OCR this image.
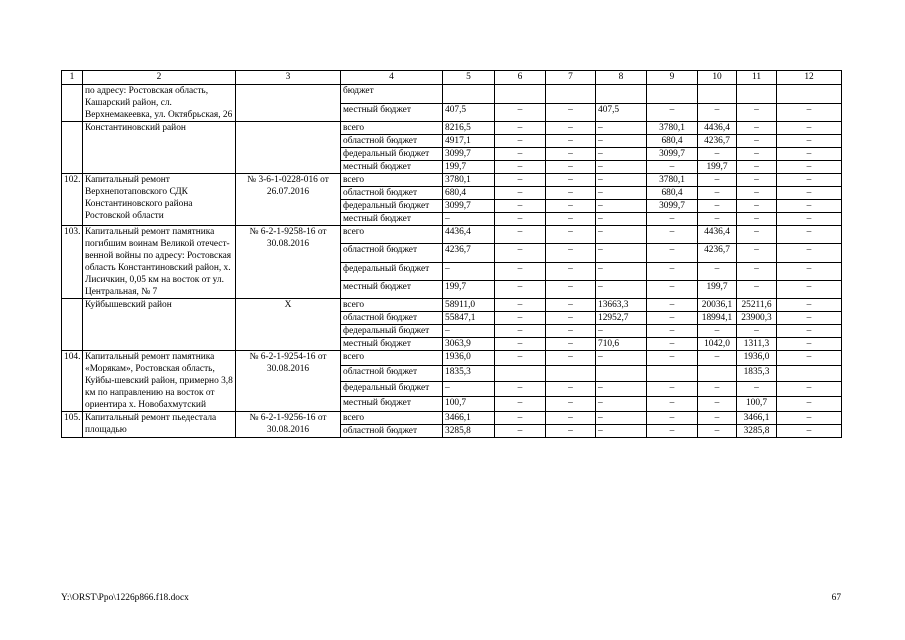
1	2	3	4	5	6	7	8	9	10	11	12
	по адресу: Ростовская область, Кашарский район, сл. Верхнемакеевка, ул. Октябрьская, 26		бюджет								
			местный бюджет	407,5	–	–	407,5	–	–	–	–
	Константиновский район		всего	8216,5	–	–	–	3780,1	4436,4	–	–
			областной бюджет	4917,1	–	–	–	680,4	4236,7	–	–
			федеральный бюджет	3099,7	–	–	–	3099,7	–	–	–
			местный бюджет	199,7	–	–	–	–	199,7	–	–
102.	Капитальный ремонт Верхнепотаповского СДК Константиновского района Ростовской области	№ 3-6-1-0228-016 от 26.07.2016	всего	3780,1	–	–	–	3780,1	–	–	–
			областной бюджет	680,4	–	–	–	680,4	–	–	–
			федеральный бюджет	3099,7	–	–	–	3099,7	–	–	–
			местный бюджет	–	–	–	–	–	–	–	–
103.	Капитальный ремонт памятника погибшим воинам Великой отечест-венной войны по адресу: Ростовская область Константиновский район, х. Лисичкин, 0,05 км на восток от ул. Центральная, № 7	№ 6-2-1-9258-16 от 30.08.2016	всего	4436,4	–	–	–	–	4436,4	–	–
			областной бюджет	4236,7	–	–	–	–	4236,7	–	–
			федеральный бюджет	–	–	–	–	–	–	–	–
			местный бюджет	199,7	–	–	–	–	199,7	–	–
	Куйбышевский район	Х	всего	58911,0	–	–	13663,3	–	20036,1	25211,6	–
			областной бюджет	55847,1	–	–	12952,7	–	18994,1	23900,3	–
			федеральный бюджет	–	–	–	–	–	–	–	–
			местный бюджет	3063,9	–	–	710,6	–	1042,0	1311,3	–
104.	Капитальный ремонт памятника «Морякам», Ростовская область, Куйбы-шевский район, примерно 3,8 км по направлению на восток от ориентира х. Новобахмутский	№ 6-2-1-9254-16 от 30.08.2016	всего	1936,0	–	–	–	–	–	1936,0	–
			областной бюджет	1835,3						1835,3	
			федеральный бюджет	–	–	–	–	–	–	–	–
			местный бюджет	100,7	–	–	–	–	–	100,7	–
105.	Капитальный ремонт пьедестала площадью	№ 6-2-1-9256-16 от 30.08.2016	всего	3466,1	–	–	–	–	–	3466,1	–
			областной бюджет	3285,8	–	–	–	–	–	3285,8	–
Y:\ORST\Ppo\1226p866.f18.docx	67
